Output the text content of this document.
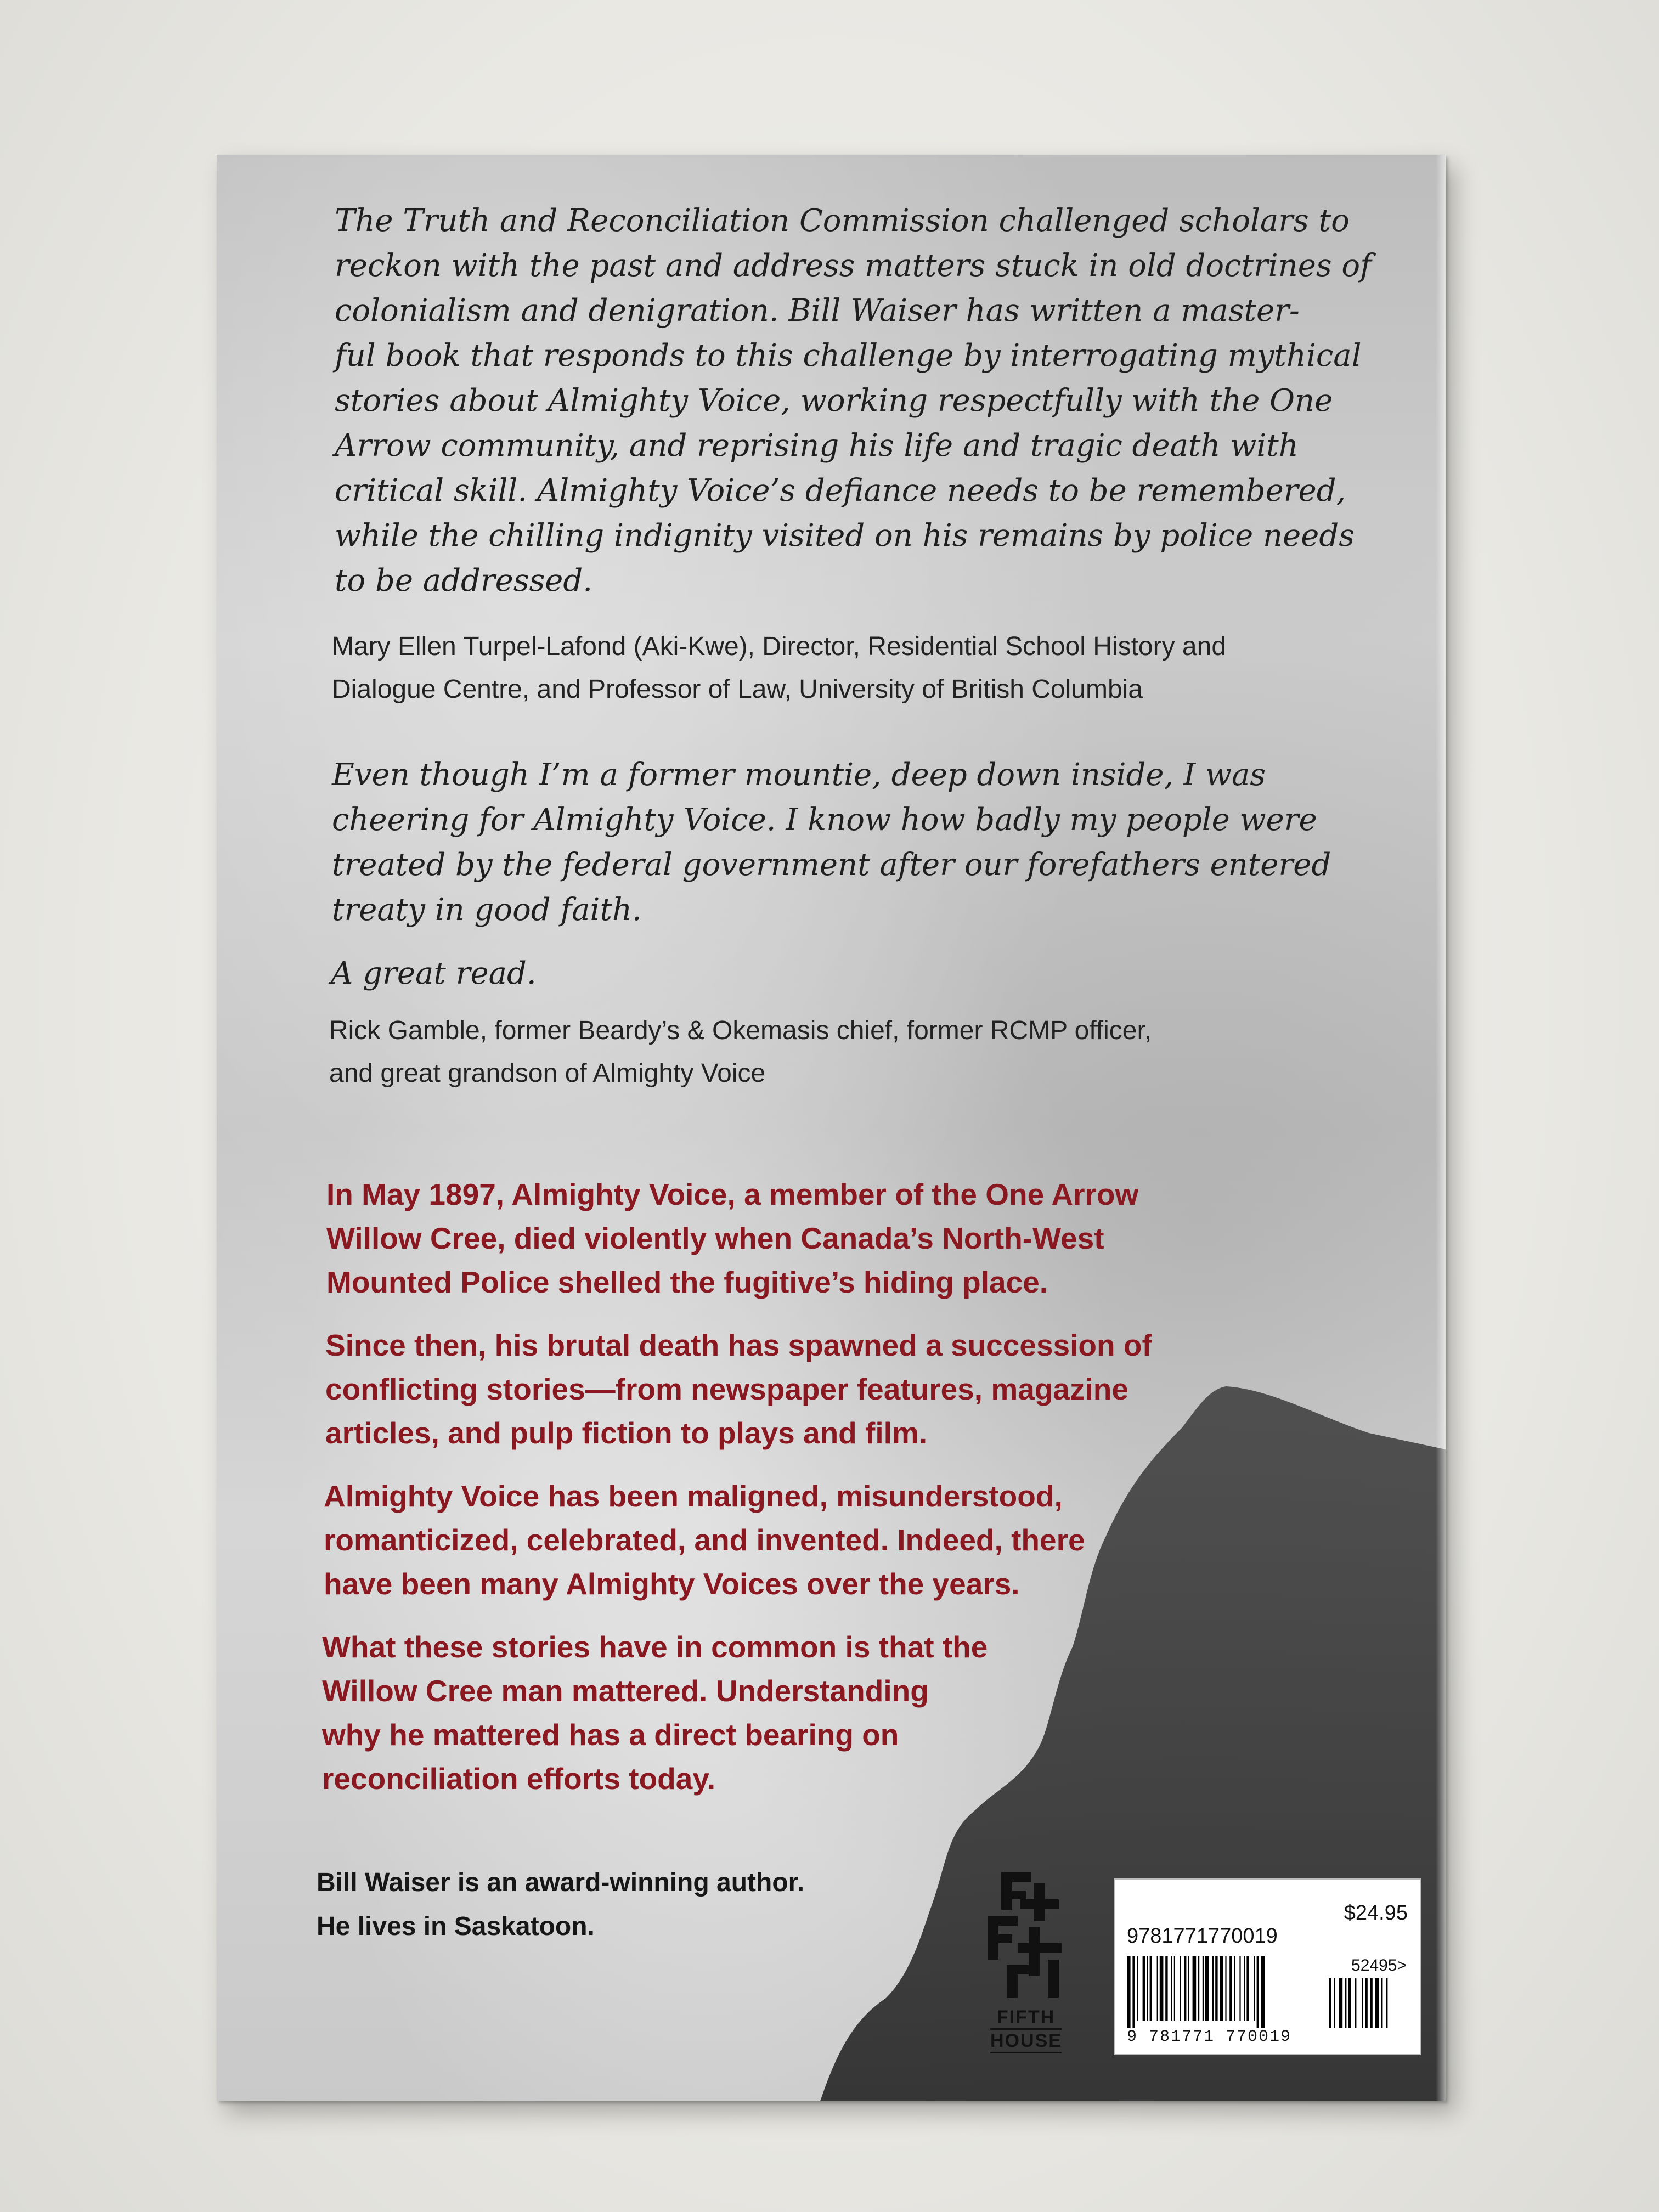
The Truth and Reconciliation Commission challenged scholars to

reckon with the past and address matters stuck in old doctrines of

colonialism and denigration. Bill Waiser has written a master-

ful book that responds to this challenge by interrogating mythical

stories about Almighty Voice, working respectfully with the One

Arrow community, and reprising his life and tragic death with

critical skill. Almighty Voice’s defiance needs to be remembered,

while the chilling indignity visited on his remains by police needs

to be addressed.

Mary Ellen Turpel-Lafond (Aki-Kwe), Director, Residential School History and

Dialogue Centre, and Professor of Law, University of British Columbia

Even though I’m a former mountie, deep down inside, I was

cheering for Almighty Voice. I know how badly my people were

treated by the federal government after our forefathers entered

treaty in good faith.

A great read.

Rick Gamble, former Beardy’s & Okemasis chief, former RCMP officer,

and great grandson of Almighty Voice

In May 1897, Almighty Voice, a member of the One Arrow

Willow Cree, died violently when Canada’s North-West

Mounted Police shelled the fugitive’s hiding place.

Since then, his brutal death has spawned a succession of

conflicting stories—from newspaper features, magazine

articles, and pulp fiction to plays and film.

Almighty Voice has been maligned, misunderstood,

romanticized, celebrated, and invented. Indeed, there

have been many Almighty Voices over the years.

What these stories have in common is that the

Willow Cree man mattered. Understanding

why he mattered has a direct bearing on

reconciliation efforts today.

Bill Waiser is an award-winning author.

He lives in Saskatoon.

FIFTH
HOUSE
$24.95
9781771770019
52495>
9 781771 770019
